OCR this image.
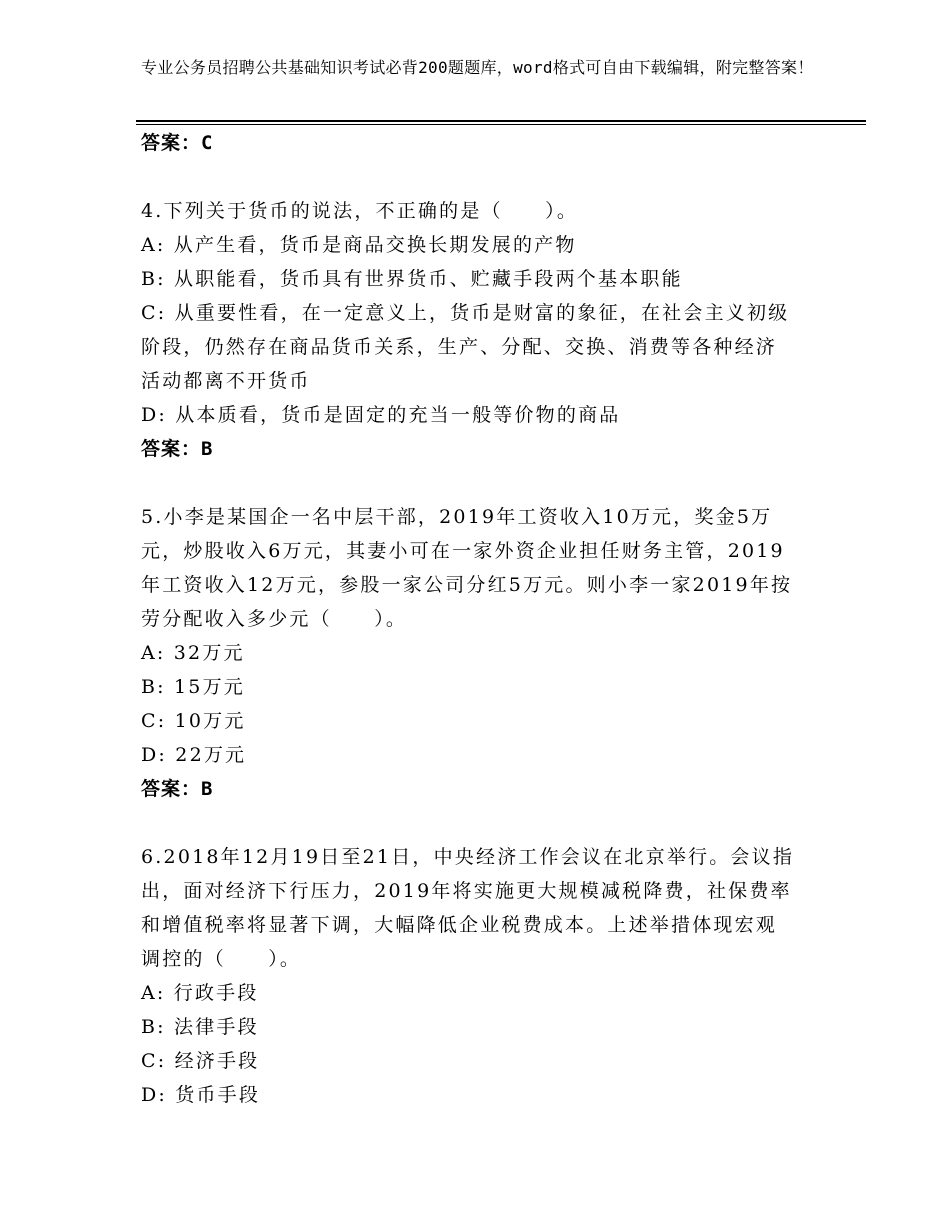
专业公务员招聘公共基础知识考试必背200题题库，word格式可自由下载编辑，附完整答案！
答案：C
4.下列关于货币的说法，不正确的是（　　）。
A: 从产生看，货币是商品交换长期发展的产物
B: 从职能看，货币具有世界货币、贮藏手段两个基本职能
C: 从重要性看，在一定意义上，货币是财富的象征，在社会主义初级
阶段，仍然存在商品货币关系，生产、分配、交换、消费等各种经济
活动都离不开货币
D: 从本质看，货币是固定的充当一般等价物的商品
答案：B
5.小李是某国企一名中层干部，2019年工资收入10万元，奖金5万
元，炒股收入6万元，其妻小可在一家外资企业担任财务主管，2019
年工资收入12万元，参股一家公司分红5万元。则小李一家2019年按
劳分配收入多少元（　　）。
A: 32万元
B: 15万元
C: 10万元
D: 22万元
答案：B
6.2018年12月19日至21日，中央经济工作会议在北京举行。会议指
出，面对经济下行压力，2019年将实施更大规模减税降费，社保费率
和增值税率将显著下调，大幅降低企业税费成本。上述举措体现宏观
调控的（　　）。
A: 行政手段
B: 法律手段
C: 经济手段
D: 货币手段
